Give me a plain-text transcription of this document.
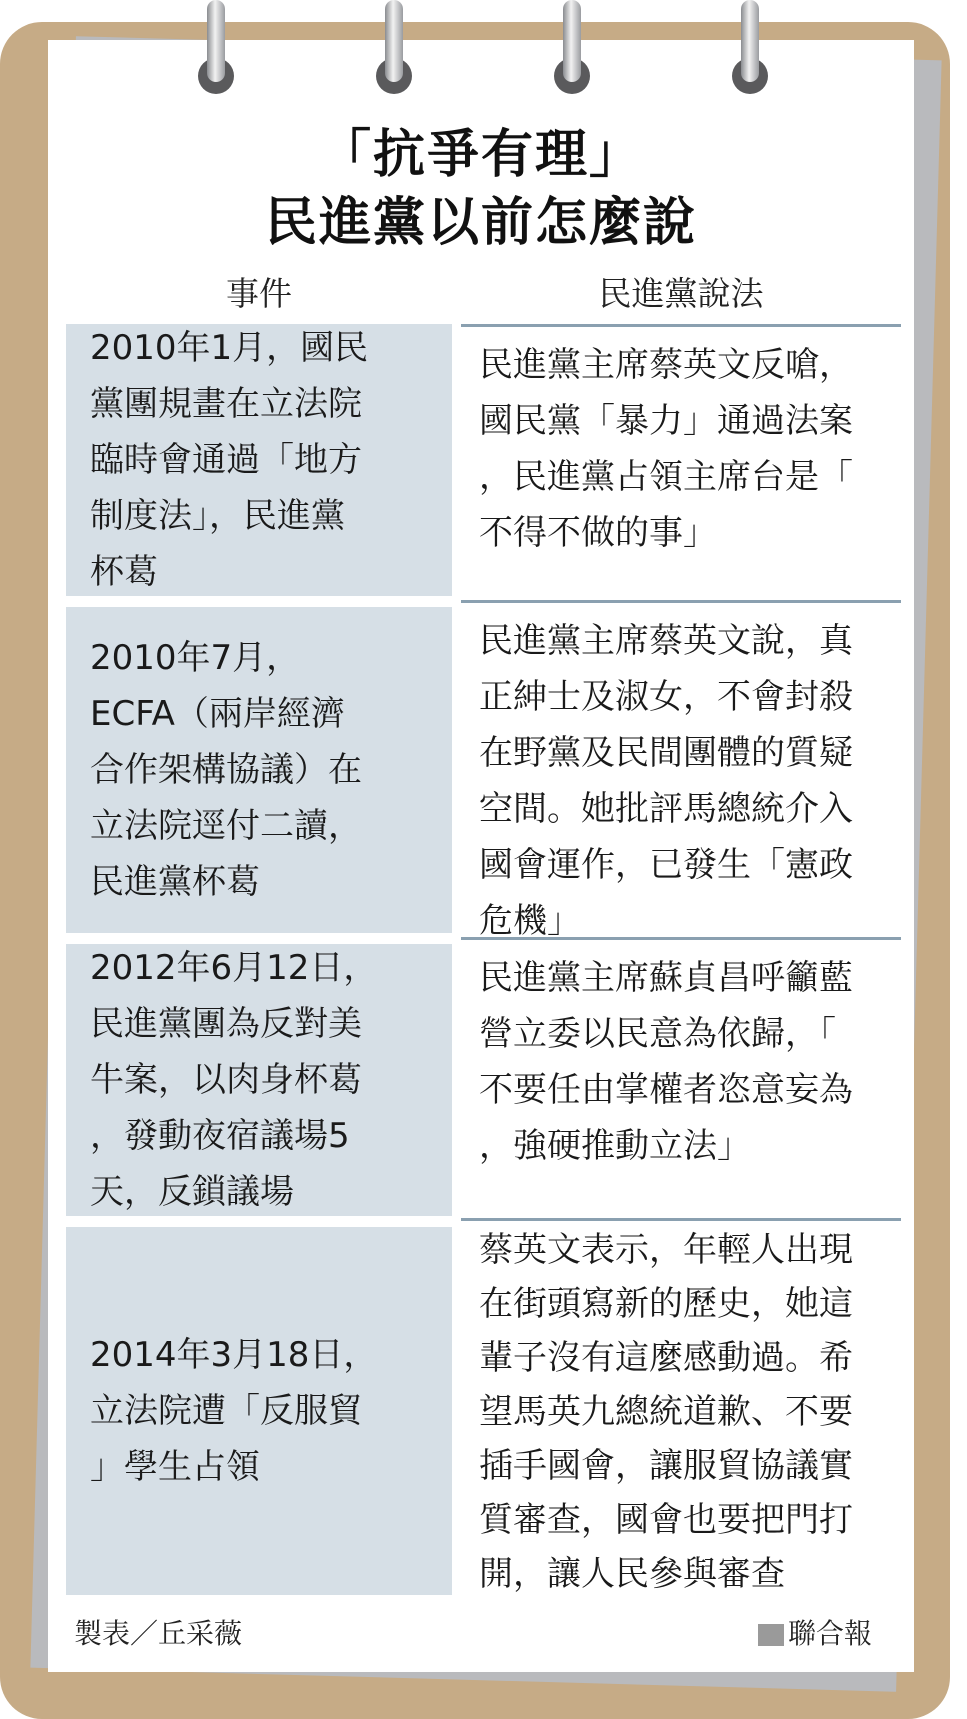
「抗爭有理」
民進黨以前怎麼說
事件	民進黨說法
2010年1月，國民
黨團規畫在立法院
臨時會通過「地方
制度法」，民進黨
杯葛
民進黨主席蔡英文反嗆，
國民黨「暴力」通過法案
，民進黨占領主席台是「
不得不做的事」
2010年7月，
ECFA（兩岸經濟
合作架構協議）在
立法院逕付二讀，
民進黨杯葛
民進黨主席蔡英文說，真
正紳士及淑女，不會封殺
在野黨及民間團體的質疑
空間。她批評馬總統介入
國會運作，已發生「憲政
危機」
2012年6月12日，
民進黨團為反對美
牛案，以肉身杯葛
，發動夜宿議場5
天，反鎖議場
民進黨主席蘇貞昌呼籲藍
營立委以民意為依歸，「
不要任由掌權者恣意妄為
，強硬推動立法」
2014年3月18日，
立法院遭「反服貿
」學生占領
蔡英文表示，年輕人出現
在街頭寫新的歷史，她這
輩子沒有這麼感動過。希
望馬英九總統道歉、不要
插手國會，讓服貿協議實
質審查，國會也要把門打
開，讓人民參與審查
製表／丘采薇	聯合報
